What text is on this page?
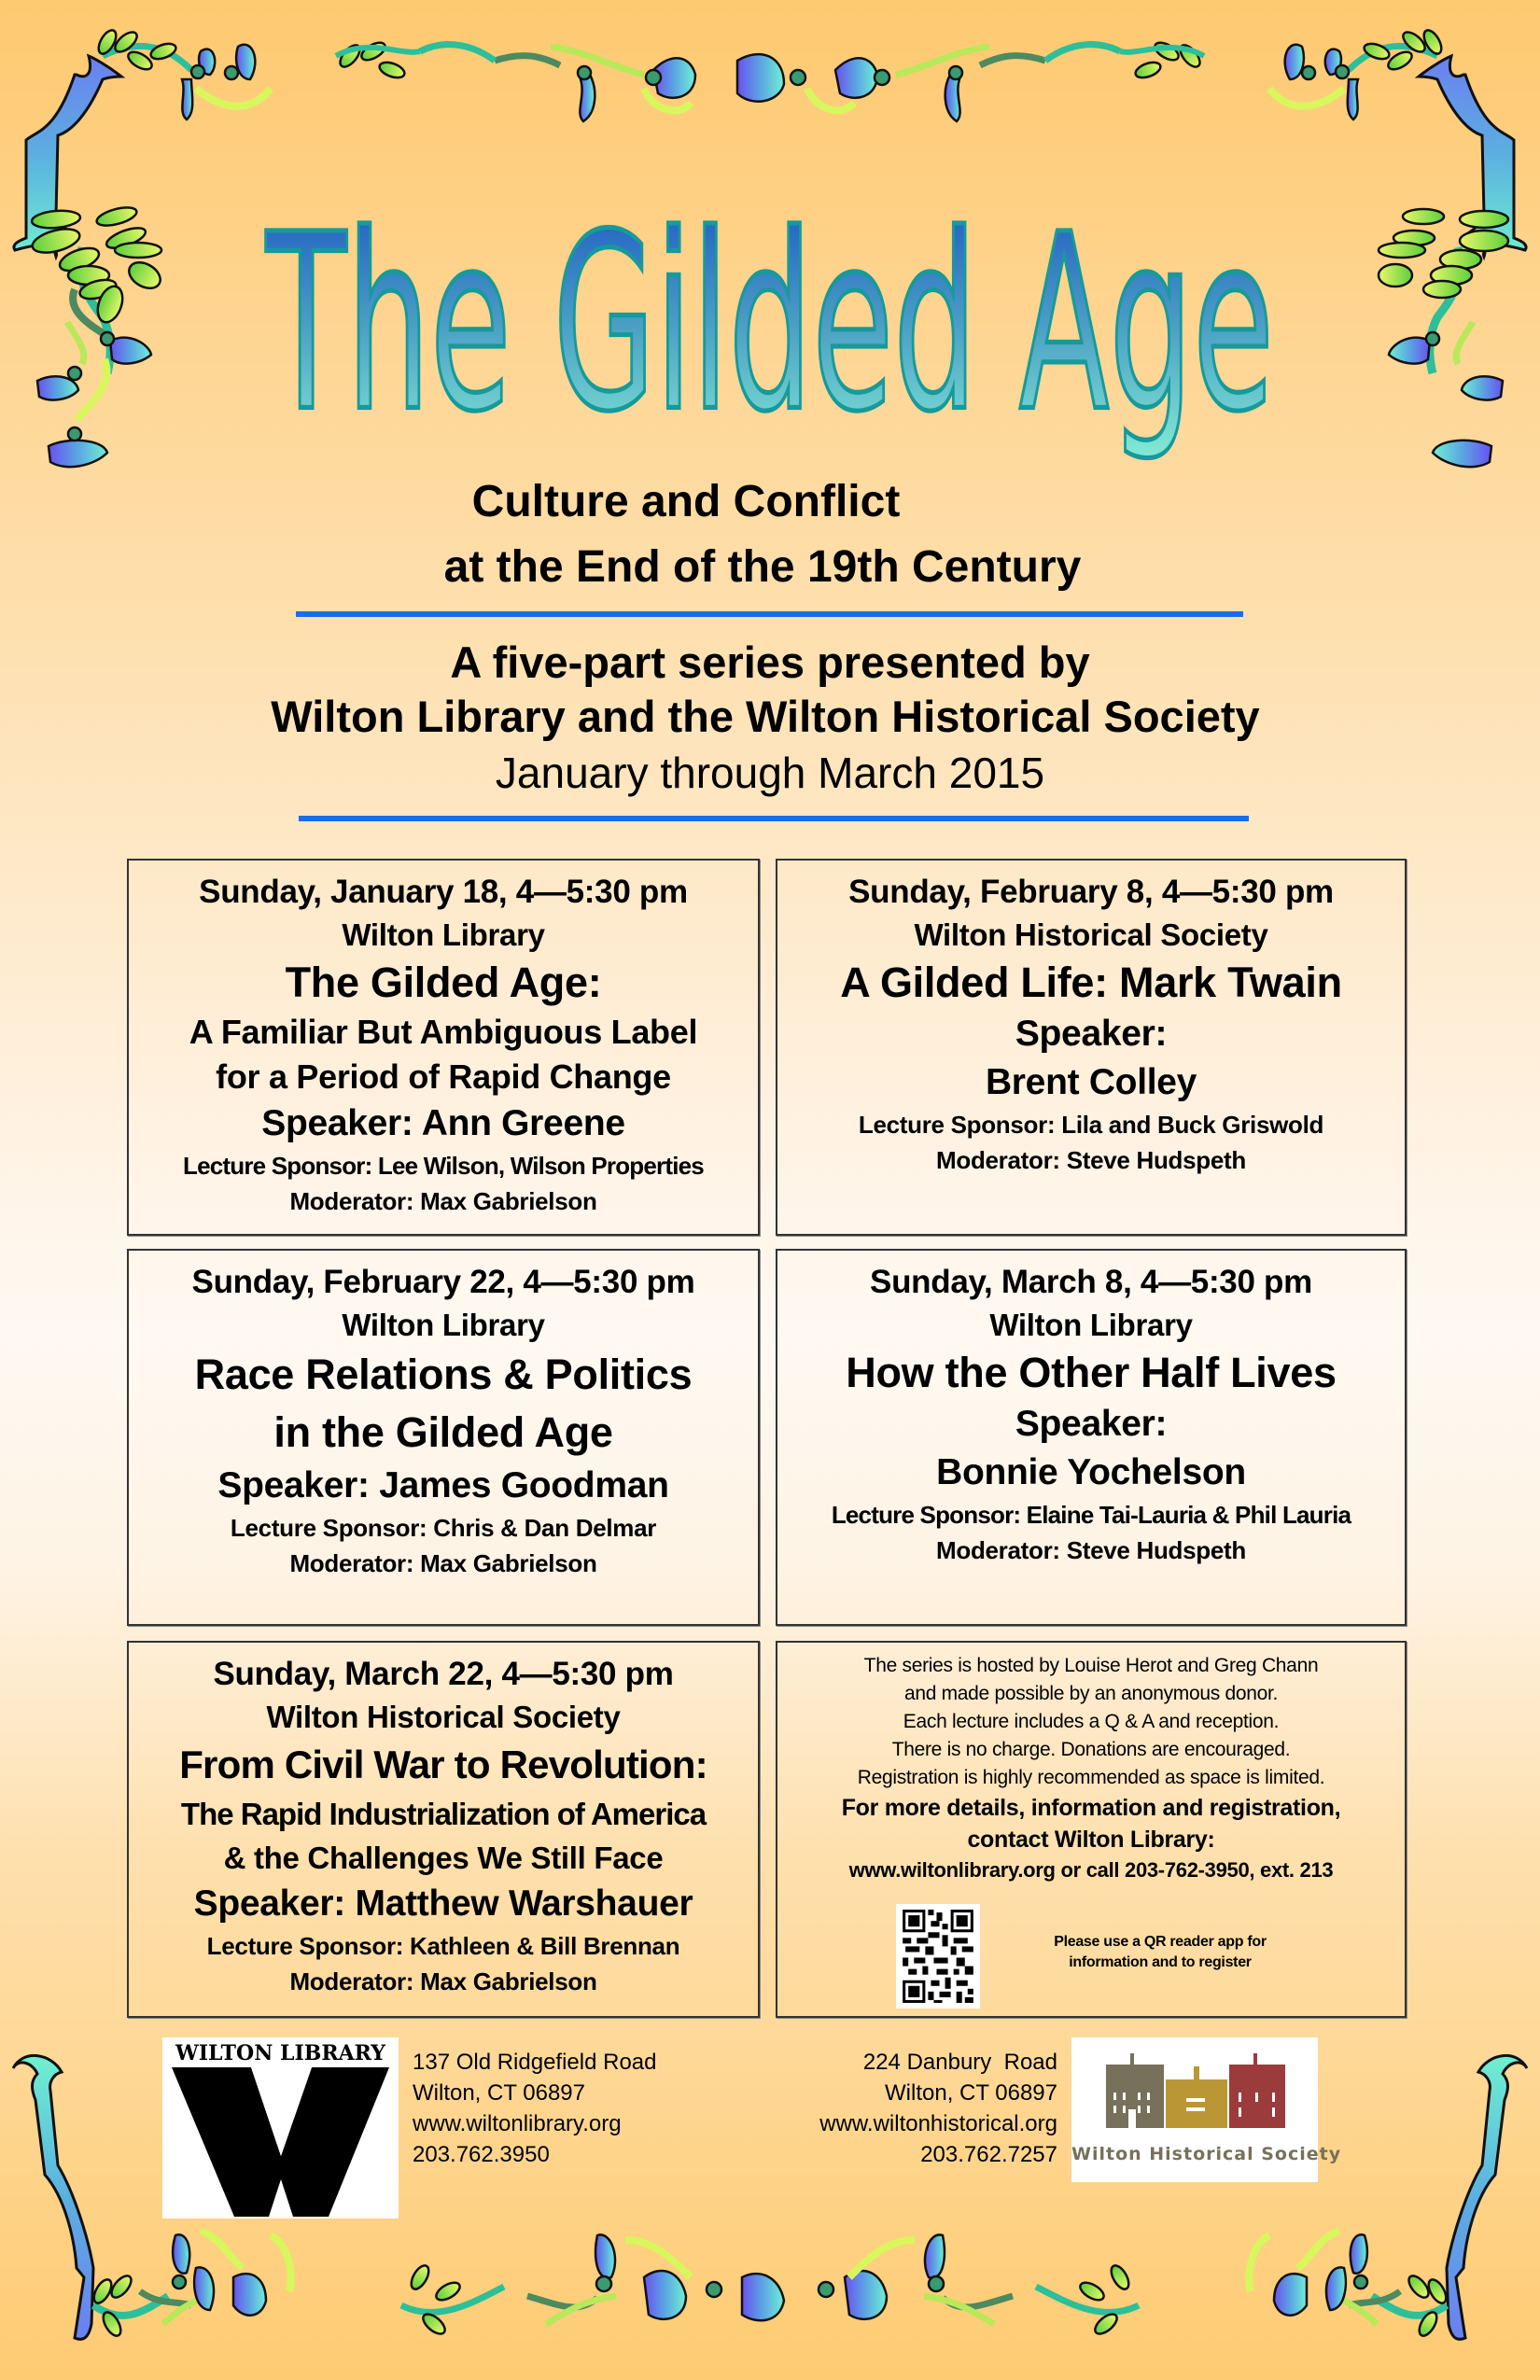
The Gilded Age
Culture and Conflict
at the End of the 19th Century
A five-part series presented by
Wilton Library and the Wilton Historical Society
January through March 2015
Sunday, January 18, 4—5:30 pm
Wilton Library
The Gilded Age:
A Familiar But Ambiguous Label
for a Period of Rapid Change
Speaker: Ann Greene
Lecture Sponsor: Lee Wilson, Wilson Properties
Moderator: Max Gabrielson
Sunday, February 8, 4—5:30 pm
Wilton Historical Society
A Gilded Life: Mark Twain
Speaker:
Brent Colley
Lecture Sponsor: Lila and Buck Griswold
Moderator: Steve Hudspeth
Sunday, February 22, 4—5:30 pm
Wilton Library
Race Relations & Politics
in the Gilded Age
Speaker: James Goodman
Lecture Sponsor: Chris & Dan Delmar
Moderator: Max Gabrielson
Sunday, March 8, 4—5:30 pm
Wilton Library
How the Other Half Lives
Speaker:
Bonnie Yochelson
Lecture Sponsor: Elaine Tai-Lauria & Phil Lauria
Moderator: Steve Hudspeth
Sunday, March 22, 4—5:30 pm
Wilton Historical Society
From Civil War to Revolution:
The Rapid Industrialization of America
& the Challenges We Still Face
Speaker: Matthew Warshauer
Lecture Sponsor: Kathleen & Bill Brennan
Moderator: Max Gabrielson
The series is hosted by Louise Herot and Greg Chann
and made possible by an anonymous donor.
Each lecture includes a Q & A and reception.
There is no charge. Donations are encouraged.
Registration is highly recommended as space is limited.
For more details, information and registration,
contact Wilton Library:
www.wiltonlibrary.org or call 203-762-3950, ext. 213
Please use a QR reader app for
information and to register
WILTON LIBRARY	137 Old Ridgefield Road
Wilton, CT 06897
www.wiltonlibrary.org
203.762.3950
224 Danbury  Road
Wilton, CT 06897
www.wiltonhistorical.org
203.762.7257 Wilton Historical Society
